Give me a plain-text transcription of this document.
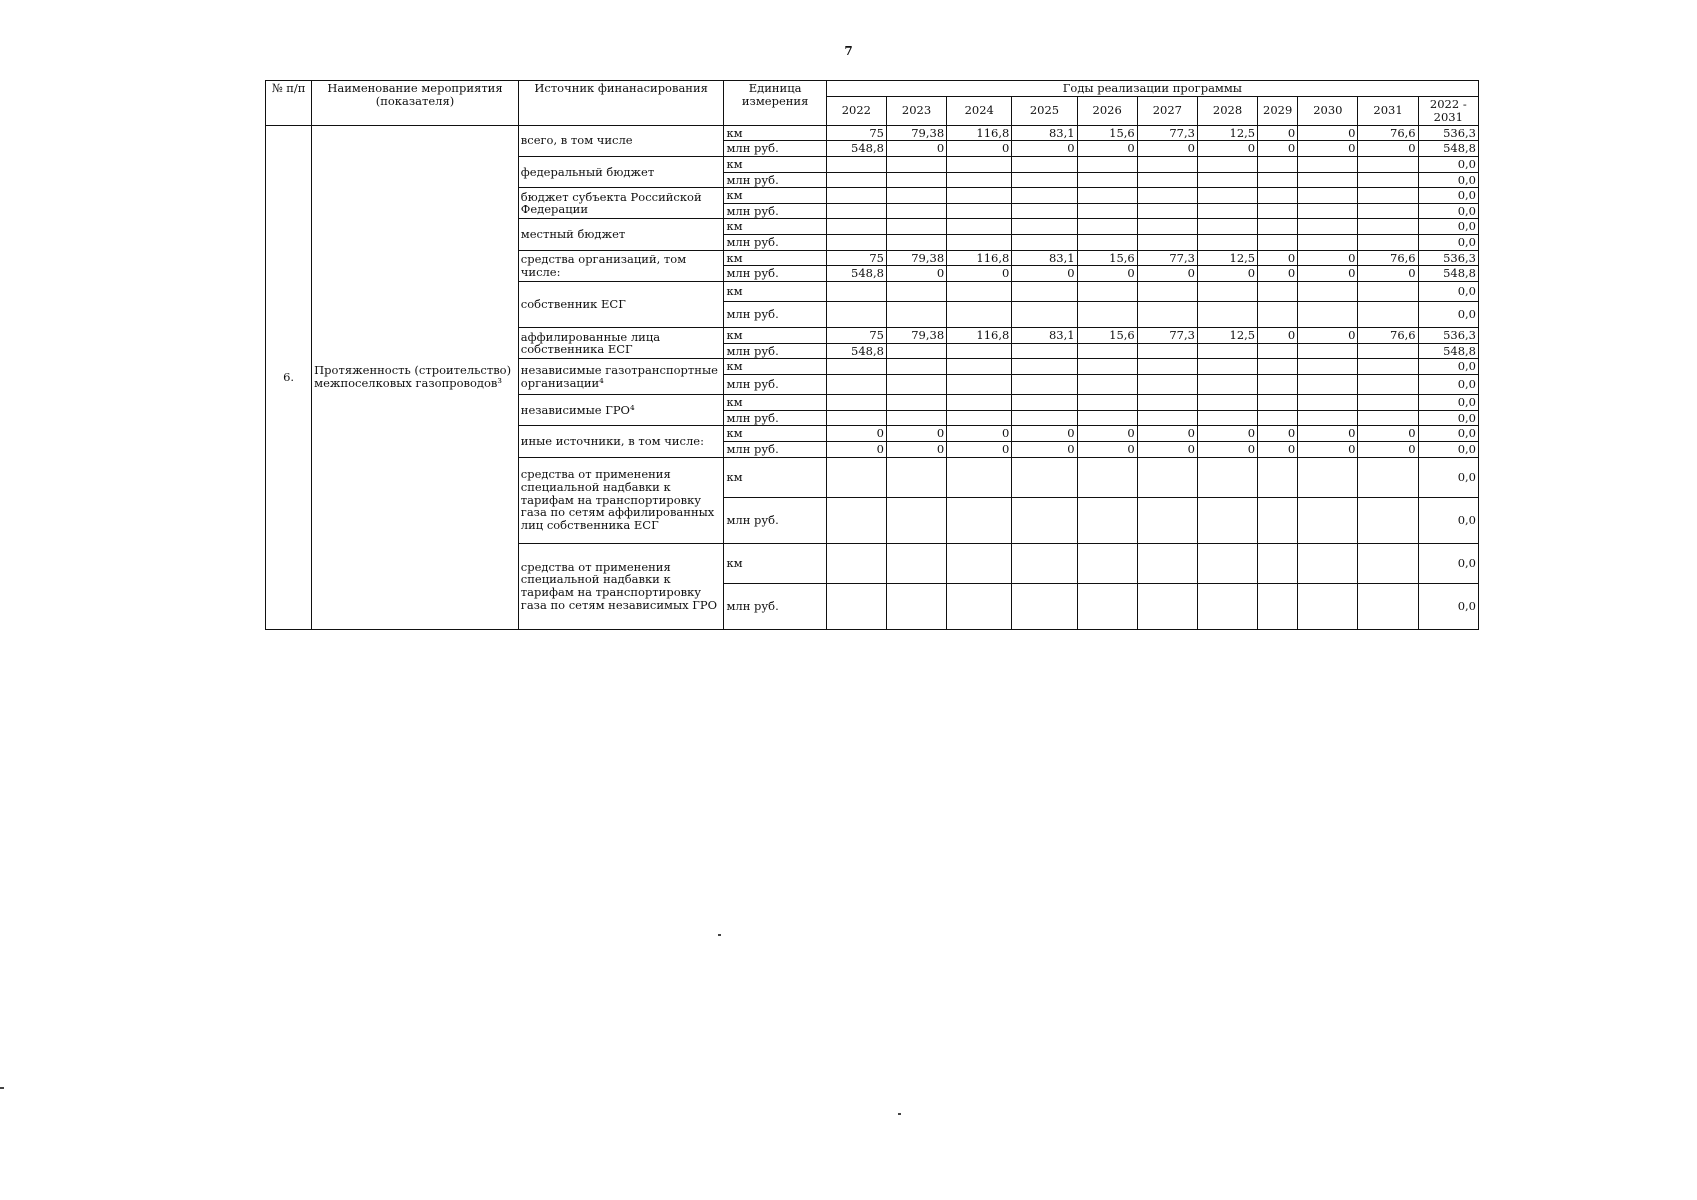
7
№ п/п	Наименование мероприятия (показателя)	Источник финанасирования	Единица измерения	Годы реализации программы										
				2022	2023	2024	2025	2026	2027	2028	2029	2030	2031	2022 - 2031
6.	Протяженность (строительство) межпоселковых газопроводов³	всего, в том числе	км	75	79,38	116,8	83,1	15,6	77,3	12,5	0	0	76,6	536,3
			млн руб.	548,8	0	0	0	0	0	0	0	0	0	548,8
		федеральный бюджет	км											0,0
			млн руб.											0,0
		бюджет субъекта Российской Федерации	км											0,0
			млн руб.											0,0
		местный бюджет	км											0,0
			млн руб.											0,0
		средства организаций, том числе:	км	75	79,38	116,8	83,1	15,6	77,3	12,5	0	0	76,6	536,3
			млн руб.	548,8	0	0	0	0	0	0	0	0	0	548,8
		собственник ЕСГ	км											0,0
			млн руб.											0,0
		аффилированные лица собственника ЕСГ	км	75	79,38	116,8	83,1	15,6	77,3	12,5	0	0	76,6	536,3
			млн руб.	548,8										548,8
		независимые газотранспортные организации⁴	км											0,0
			млн руб.											0,0
		независимые ГРО⁴	км											0,0
			млн руб.											0,0
		иные источники, в том числе:	км	0	0	0	0	0	0	0	0	0	0	0,0
			млн руб.	0	0	0	0	0	0	0	0	0	0	0,0
		средства от применения специальной надбавки к тарифам на транспортировку газа по сетям аффилированных лиц собственника ЕСГ	км											0,0
			млн руб.											0,0
		средства от применения специальной надбавки к тарифам на транспортировку газа по сетям независимых ГРО	км											0,0
			млн руб.											0,0
